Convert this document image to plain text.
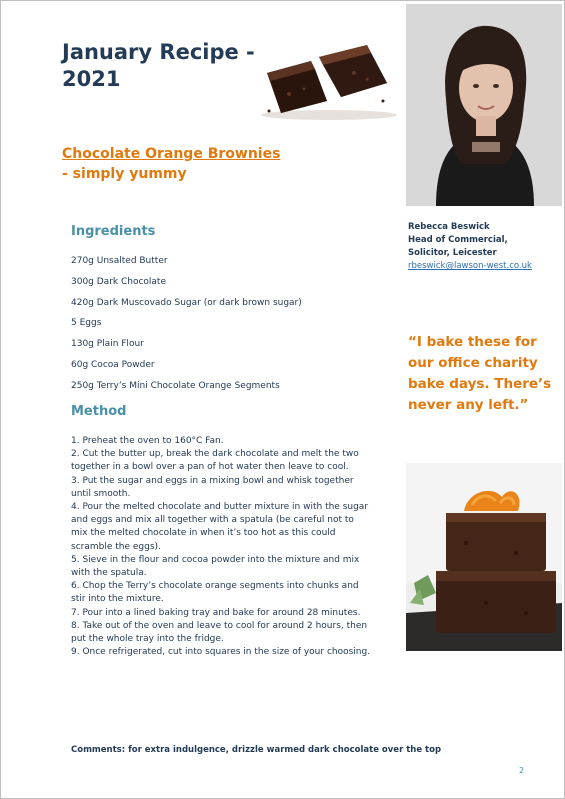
January Recipe - 2021
Chocolate Orange Brownies
- simply yummy
Ingredients
270g Unsalted Butter
300g Dark Chocolate
420g Dark Muscovado Sugar (or dark brown sugar)
5 Eggs
130g Plain Flour
60g Cocoa Powder
250g Terry’s Mini Chocolate Orange Segments
Method
1. Preheat the oven to 160°C Fan.
2. Cut the butter up, break the dark chocolate and melt the two together in a bowl over a pan of hot water then leave to cool.
3. Put the sugar and eggs in a mixing bowl and whisk together until smooth.
4. Pour the melted chocolate and butter mixture in with the sugar and eggs and mix all together with a spatula (be careful not to mix the melted chocolate in when it’s too hot as this could scramble the eggs).
5. Sieve in the flour and cocoa powder into the mixture and mix with the spatula.
6. Chop the Terry’s chocolate orange segments into chunks and stir into the mixture.
7. Pour into a lined baking tray and bake for around 28 minutes.
8. Take out of the oven and leave to cool for around 2 hours, then put the whole tray into the fridge.
9. Once refrigerated, cut into squares in the size of your choosing.
Comments: for extra indulgence, drizzle warmed dark chocolate over the top
2
Rebecca Beswick
Head of Commercial,
Solicitor, Leicester
rbeswick@lawson-west.co.uk
“I bake these for our office charity bake days. There’s never any left.”
